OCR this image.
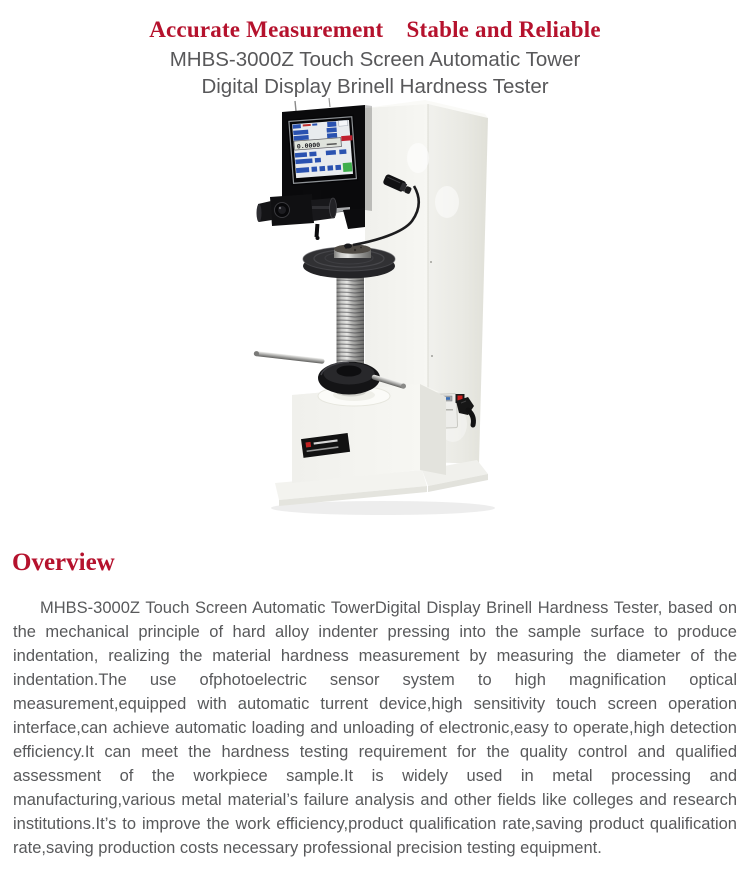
Accurate Measurement　Stable and Reliable
MHBS-3000Z Touch Screen Automatic Tower
Digital Display Brinell Hardness Tester
0.0000
Overview

MHBS-3000Z Touch Screen Automatic TowerDigital Display Brinell Hardness Tester, based on the mechanical principle of hard alloy indenter pressing into the sample surface to produce indentation, realizing the material hardness measurement by measuring the diameter of the indentation.The use ofphotoelectric sensor system to high magnification optical measurement,equipped with automatic turrent device,high sensitivity touch screen operation interface,can achieve automatic loading and unloading of electronic,easy to operate,high detection efficiency.It can meet the hardness testing requirement for the quality control and qualified assessment of the workpiece sample.It is widely used in metal processing and manufacturing,various metal material’s failure analysis and other fields like colleges and research institutions.It’s to improve the work efficiency,product qualification rate,saving product qualification rate,saving production costs necessary professional precision testing equipment.
